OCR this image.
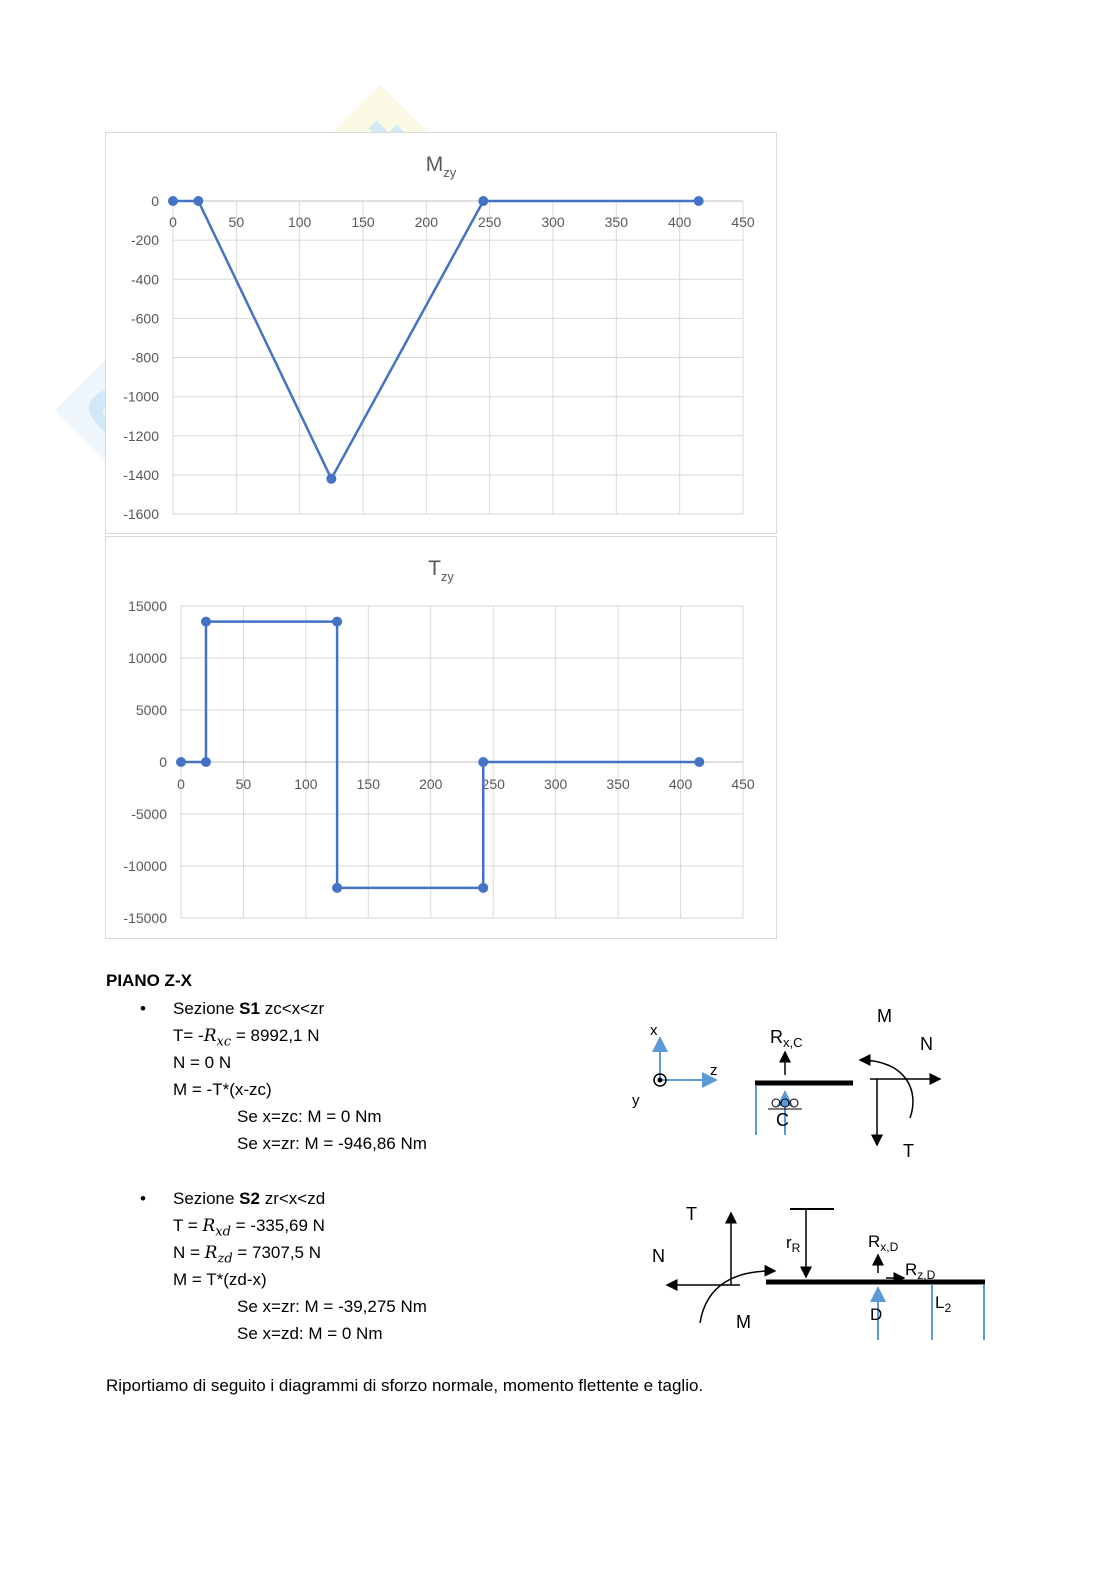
$M_{zy}$
0	50	100	150	200	250	300	350	400	450
0
-200
-400
-600
-800
-1000
-1200
-1400
-1600
$T_{zy}$
0	50	100	150	200	250	300	350	400	450
15000
10000
5000
0
-5000
-10000
-15000
PIANO Z-X
• Sezione S1 zc<x<zr
$T= -R_{xc} = 8992,1$ N
N = 0 N
M = -T*(x-zc)
Se x=zc: M = 0 Nm
Se x=zr: M = -946,86 Nm
• Sezione S2 zr<x<zd
$T = R_{xd} = -335,69$ N
$N = R_{zd} = 7307,5$ N
M = T*(zd-x)
Se x=zr: M = -39,275 Nm
Se x=zd: M = 0 Nm
x
z
y
C
$R_{x,C}$
M
N
T
T
N
M
$r_R$
D
$R_{x,D}$
$R_{z,D}$
$L_2$
Riportiamo di seguito i diagrammi di sforzo normale, momento flettente e taglio.
